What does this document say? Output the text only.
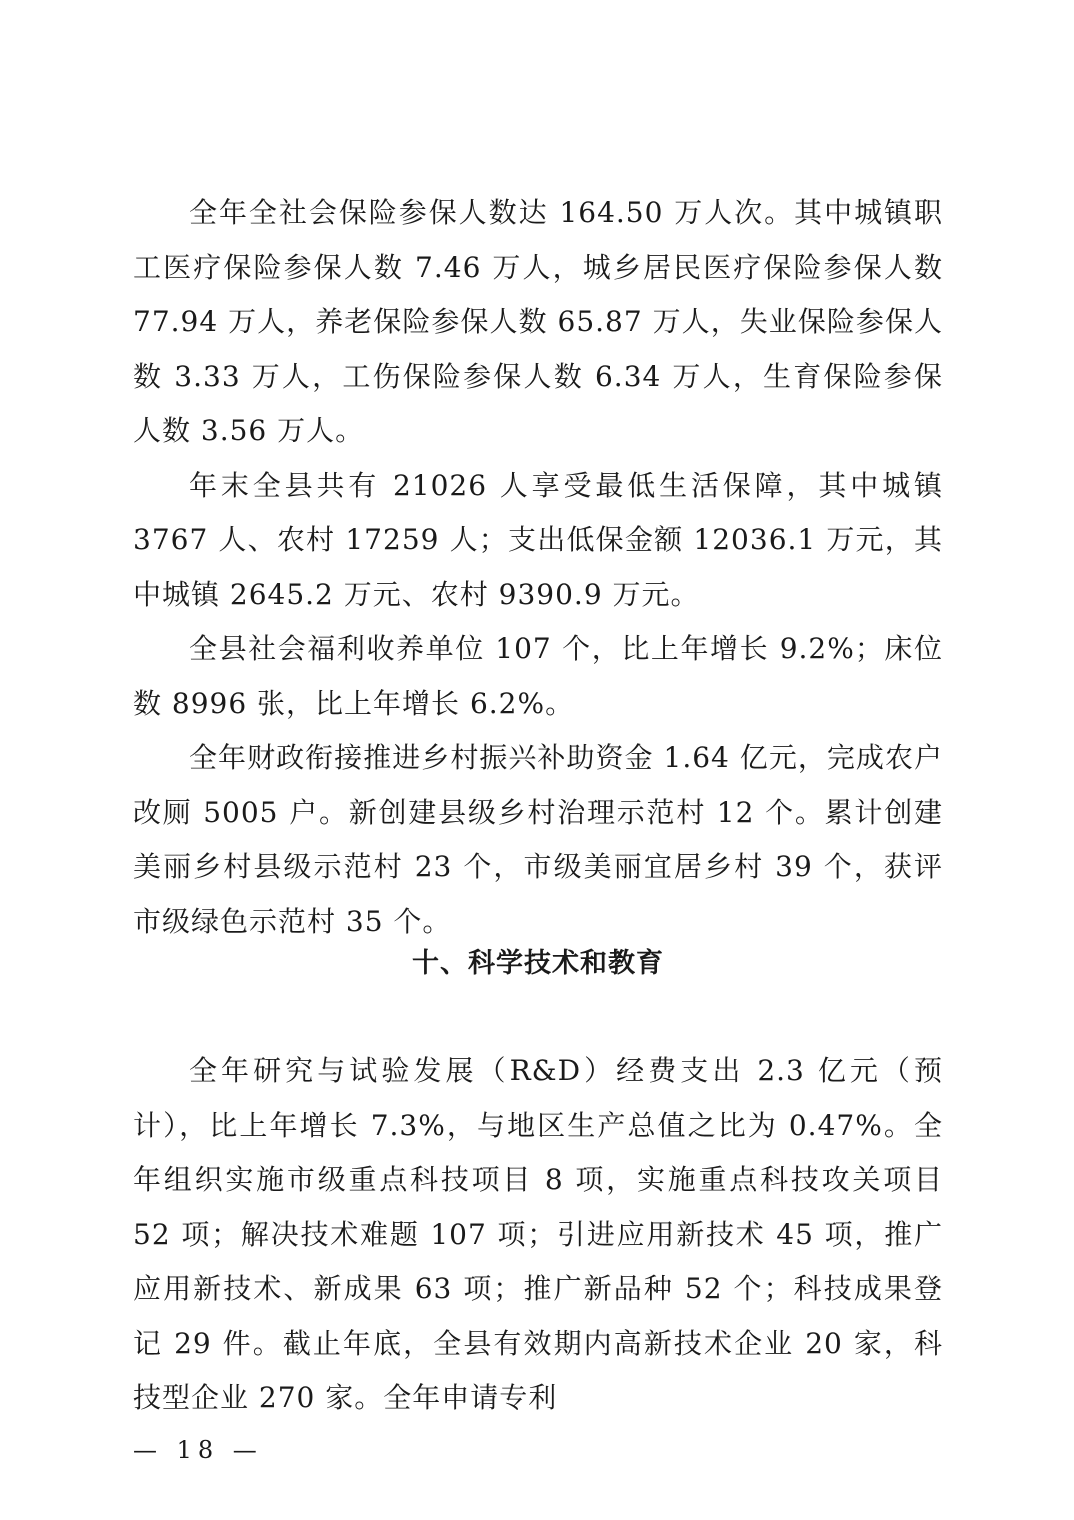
全年全社会保险参保人数达 164.50 万人次。其中城镇职工医疗保险参保人数 7.46 万人，城乡居民医疗保险参保人数 77.94 万人，养老保险参保人数 65.87 万人，失业保险参保人数 3.33 万人，工伤保险参保人数 6.34 万人，生育保险参保人数 3.56 万人。

年末全县共有 21026 人享受最低生活保障，其中城镇 3767 人、农村 17259 人；支出低保金额 12036.1 万元，其中城镇 2645.2 万元、农村 9390.9 万元。

全县社会福利收养单位 107 个，比上年增长 9.2%；床位数 8996 张，比上年增长 6.2%。

全年财政衔接推进乡村振兴补助资金 1.64 亿元，完成农户改厕 5005 户。新创建县级乡村治理示范村 12 个。累计创建美丽乡村县级示范村 23 个，市级美丽宜居乡村 39 个，获评市级绿色示范村 35 个。

十、科学技术和教育

全年研究与试验发展（R&D）经费支出 2.3 亿元（预计），比上年增长 7.3%，与地区生产总值之比为 0.47%。全年组织实施市级重点科技项目 8 项，实施重点科技攻关项目 52 项；解决技术难题 107 项；引进应用新技术 45 项，推广应用新技术、新成果 63 项；推广新品种 52 个；科技成果登记 29 件。截止年底，全县有效期内高新技术企业 20 家，科技型企业 270 家。全年申请专利

— 18 —
